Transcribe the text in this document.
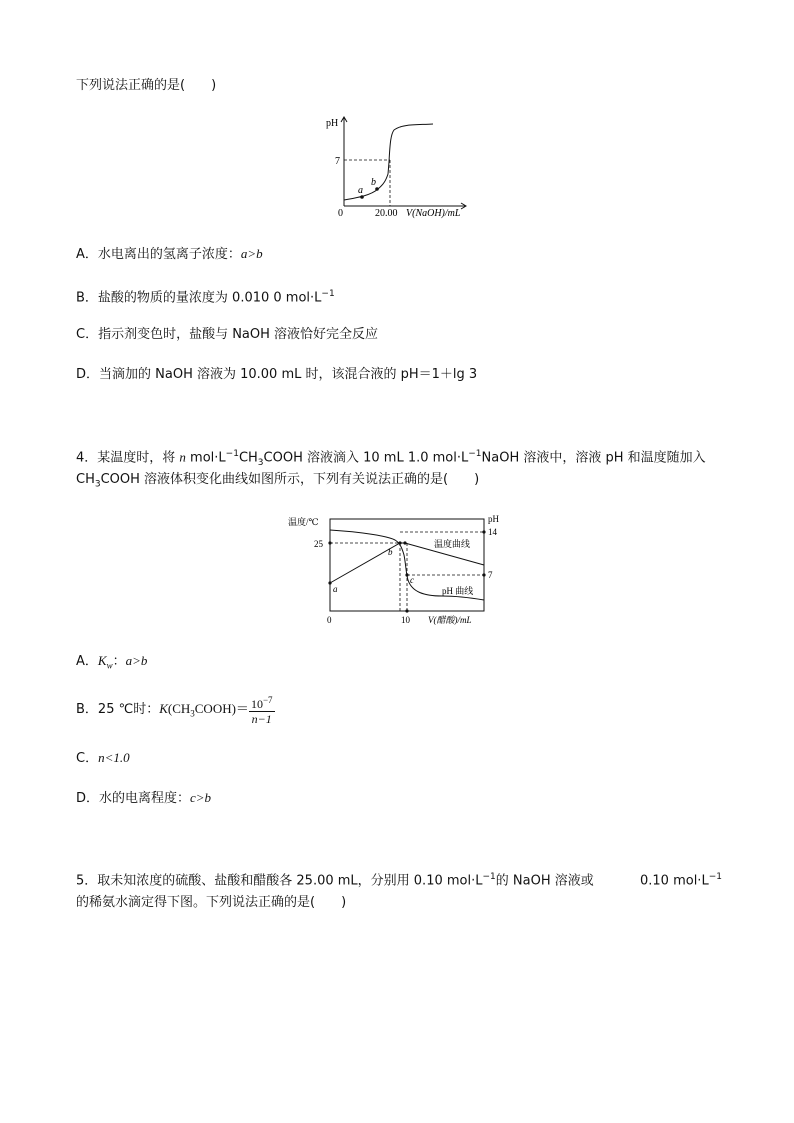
下列说法正确的是(　　)
pH
7
0	20.00 V(NaOH)/mL
a
b
A．水电离出的氢离子浓度：a>b
B．盐酸的物质的量浓度为 0.010 0 $mol\cdot L^{-1}$
C．指示剂变色时，盐酸与 NaOH 溶液恰好完全反应
D．当滴加的 NaOH 溶液为 10.00 mL 时，该混合液的 pH＝1＋lg 3
4．某温度时，将 n $mol\cdot L^{-1}CH_3COOH$ 溶液滴入 10 mL 1.0 $mol\cdot L^{-1}NaOH$ 溶液中，溶液 pH 和温度随加入
$CH_3COOH$ 溶液体积变化曲线如图所示，下列有关说法正确的是(　　)
温度/℃	pH
25
14
7
0	10 V(醋酸)/mL
温度曲线
pH 曲线
a
b
c
A．$K_w$：a>b
B．25 ℃时：$K(CH_3COOH)= \frac{10^{-7}}{n-1}$
C．n<1.0
D．水的电离程度：c>b
5．取未知浓度的硫酸、盐酸和醋酸各 25.00 mL，分别用 0.10 $mol\cdot L^{-1}$的 NaOH 溶液或	0.10 $mol\cdot L^{-1}$
的稀氨水滴定得下图。下列说法正确的是(　　)
